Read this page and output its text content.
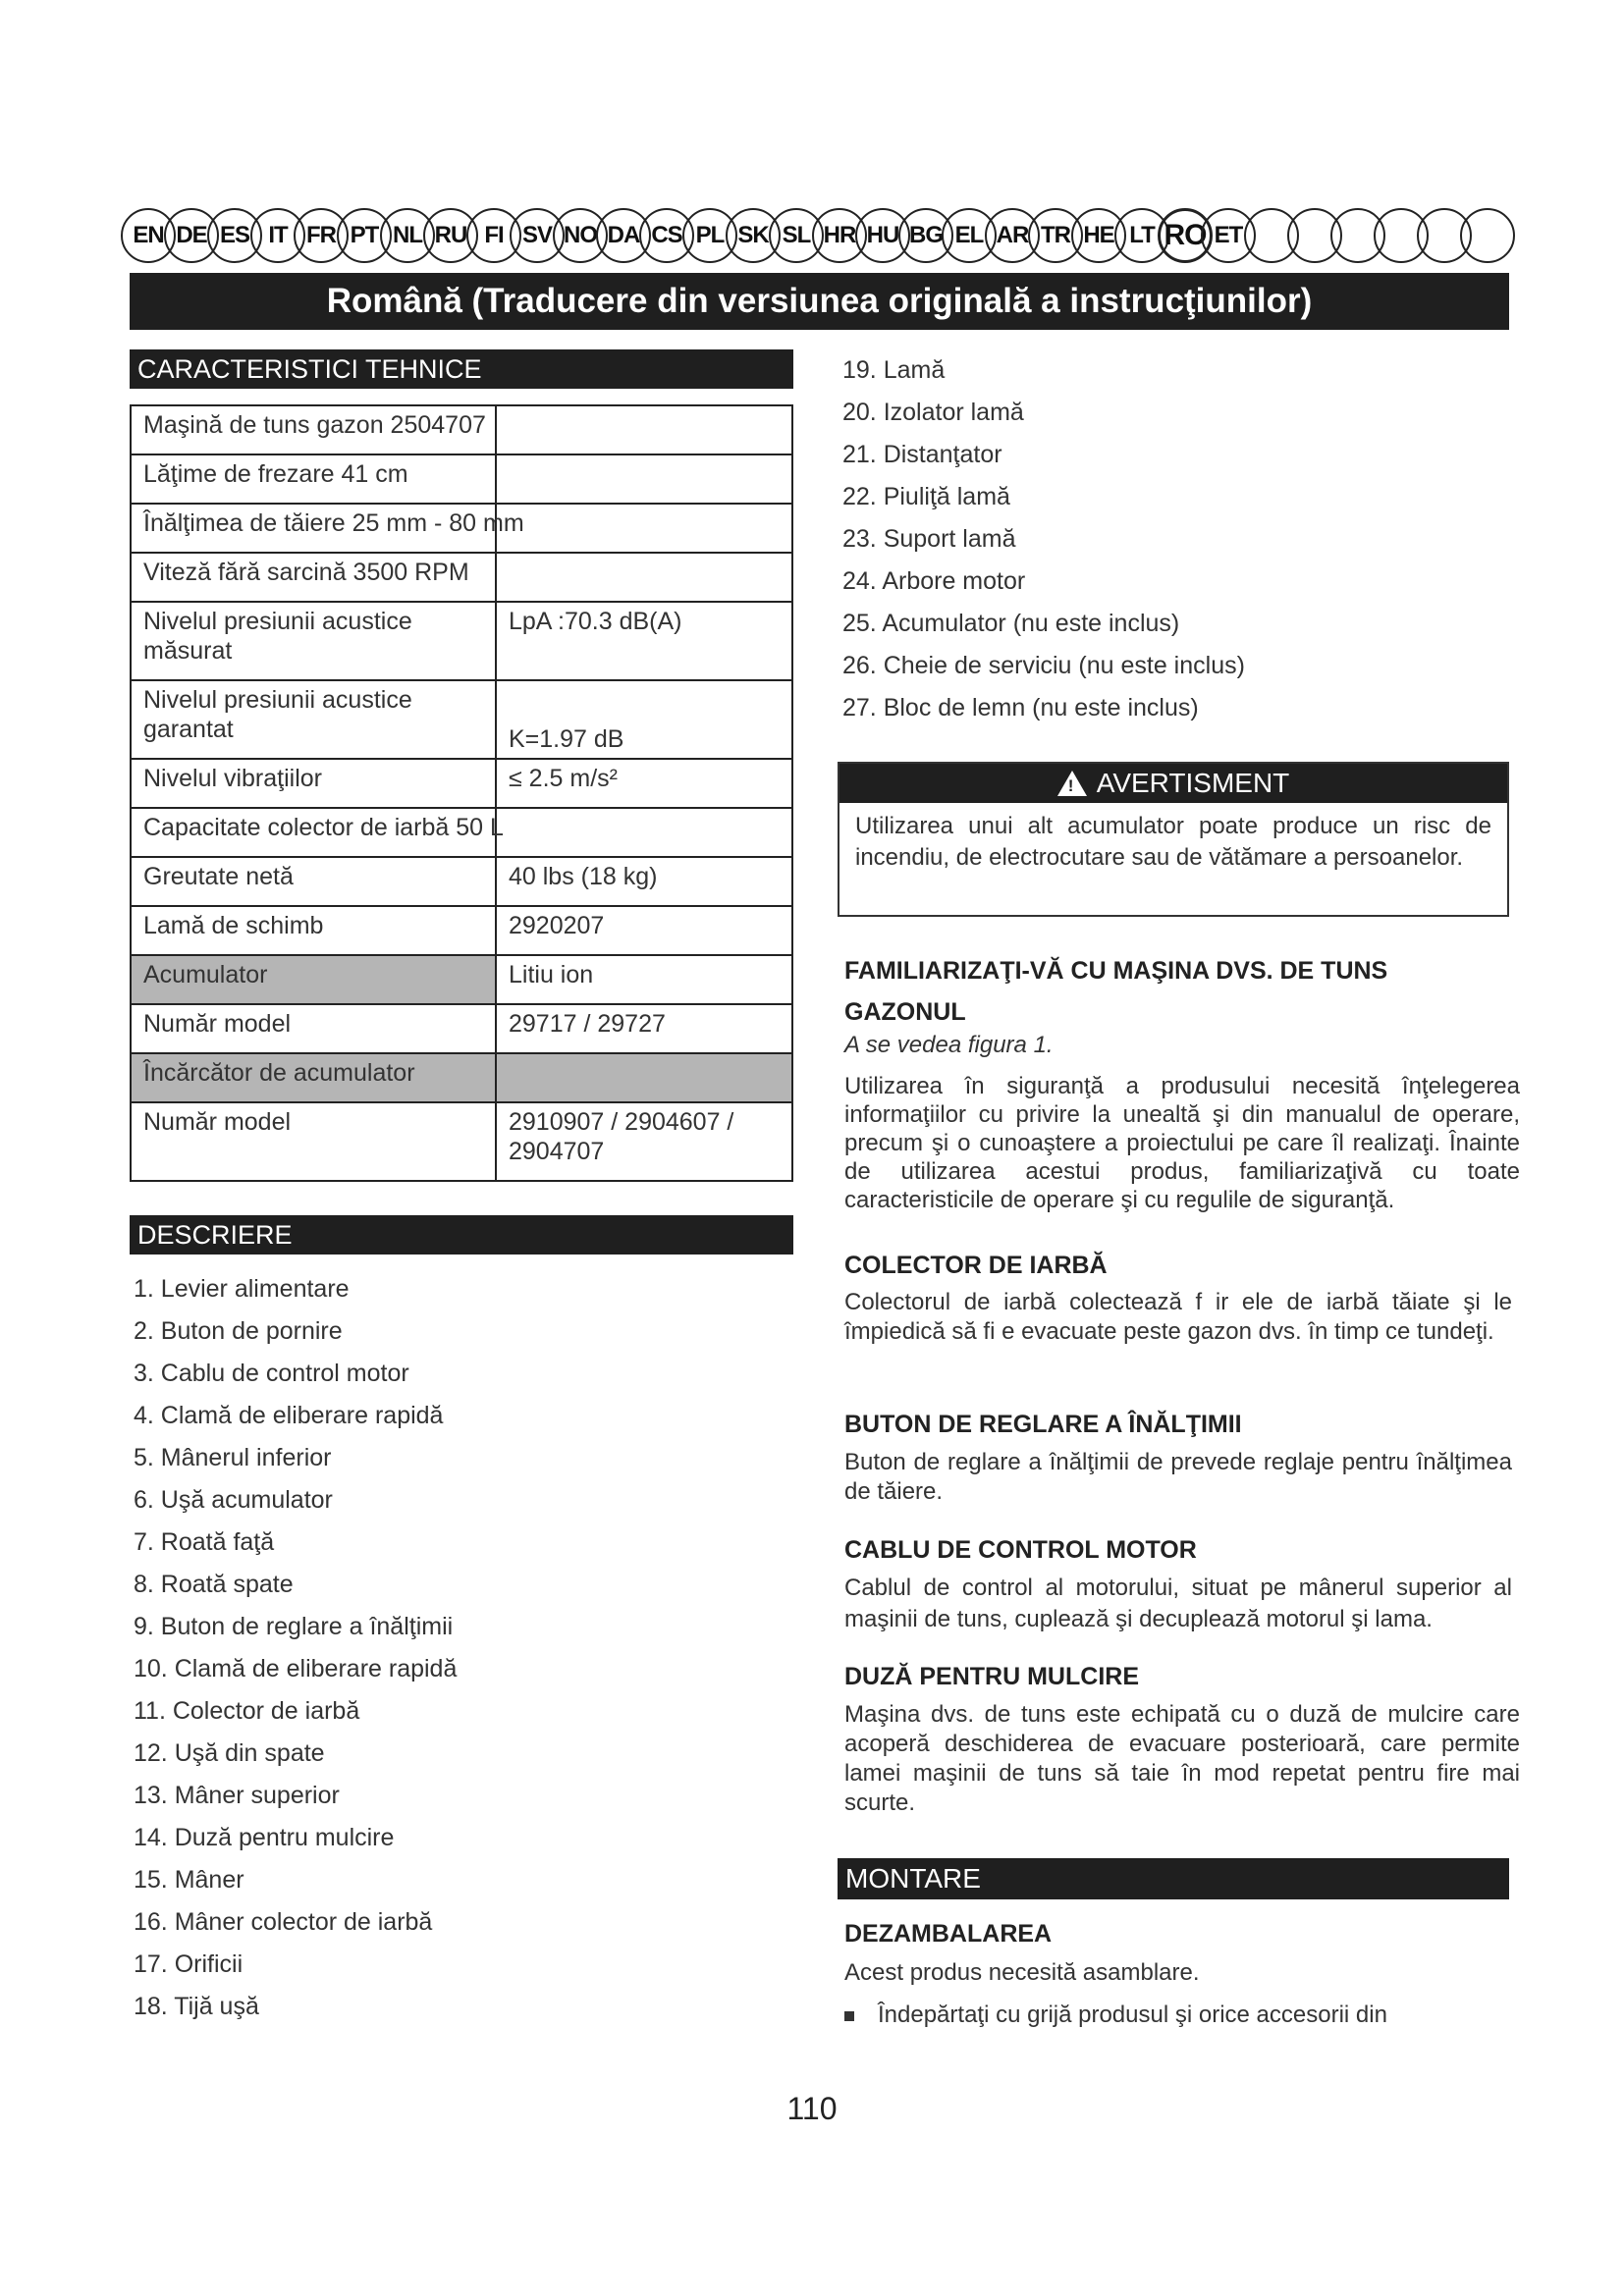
EN DE ES IT FR PT NL RU FI SV NO DA CS PL SK SL HR HU BG EL AR TR HE LT RO ET
Română (Traducere din versiunea originală a instrucţiunilor)
CARACTERISTICI TEHNICE
Maşină de tuns gazon 2504707	

Lăţime de frezare 41 cm	

Înălţimea de tăiere 25 mm - 80 mm	

Viteză fără sarcină 3500 RPM	

Nivelul presiunii acustice măsurat	LpA :70.3 dB(A)
Nivelul presiunii acustice garantat	K=1.97 dB
Nivelul vibraţiilor	≤ 2.5 m/s²

Capacitate colector de iarbă 50 L	

Greutate netă	40 lbs (18 kg)
Lamă de schimb	2920207
Acumulator	Litiu ion
Număr model	29717 / 29727
Încărcător de acumulator	
Număr model	2910907 / 2904607 / 2904707
DESCRIERE
1. Levier alimentare
2. Buton de pornire
3. Cablu de control motor
4. Clamă de eliberare rapidă
5. Mânerul inferior
6. Uşă acumulator
7. Roată faţă
8. Roată spate
9. Buton de reglare a înălţimii
10. Clamă de eliberare rapidă
11. Colector de iarbă
12. Uşă din spate
13. Mâner superior
14. Duză pentru mulcire
15. Mâner
16. Mâner colector de iarbă
17. Orificii
18. Tijă uşă
19. Lamă
20. Izolator lamă
21. Distanţator
22. Piuliţă lamă
23. Suport lamă
24. Arbore motor
25. Acumulator (nu este inclus)
26. Cheie de serviciu (nu este inclus)
27. Bloc de lemn (nu este inclus)
! AVERTISMENT
Utilizarea unui alt acumulator poate produce un risc de incendiu, de electrocutare sau de vătămare a persoanelor.
FAMILIARIZAŢI-VĂ CU MAŞINA DVS. DE TUNS GAZONUL
A se vedea figura 1.
Utilizarea în siguranţă a produsului necesită înţelegerea informaţiilor cu privire la unealtă şi din manualul de operare, precum şi o cunoaştere a proiectului pe care îl realizaţi. Înainte de utilizarea acestui produs, familiarizaţivă cu toate caracteristicile de operare şi cu regulile de siguranţă.
COLECTOR DE IARBĂ
Colectorul de iarbă colectează f ir ele de iarbă tăiate şi le împiedică să fi e evacuate peste gazon dvs. în timp ce tundeţi.
BUTON DE REGLARE A ÎNĂLŢIMII
Buton de reglare a înălţimii de prevede reglaje pentru înălţimea de tăiere.
CABLU DE CONTROL MOTOR
Cablul de control al motorului, situat pe mânerul superior al maşinii de tuns, cuplează şi decuplează motorul şi lama.
DUZĂ PENTRU MULCIRE
Maşina dvs. de tuns este echipată cu o duză de mulcire care acoperă deschiderea de evacuare posterioară, care permite lamei maşinii de tuns să taie în mod repetat pentru fire mai scurte.
MONTARE
DEZAMBALAREA
Acest produs necesită asamblare.
Îndepărtaţi cu grijă produsul şi orice accesorii din
110
